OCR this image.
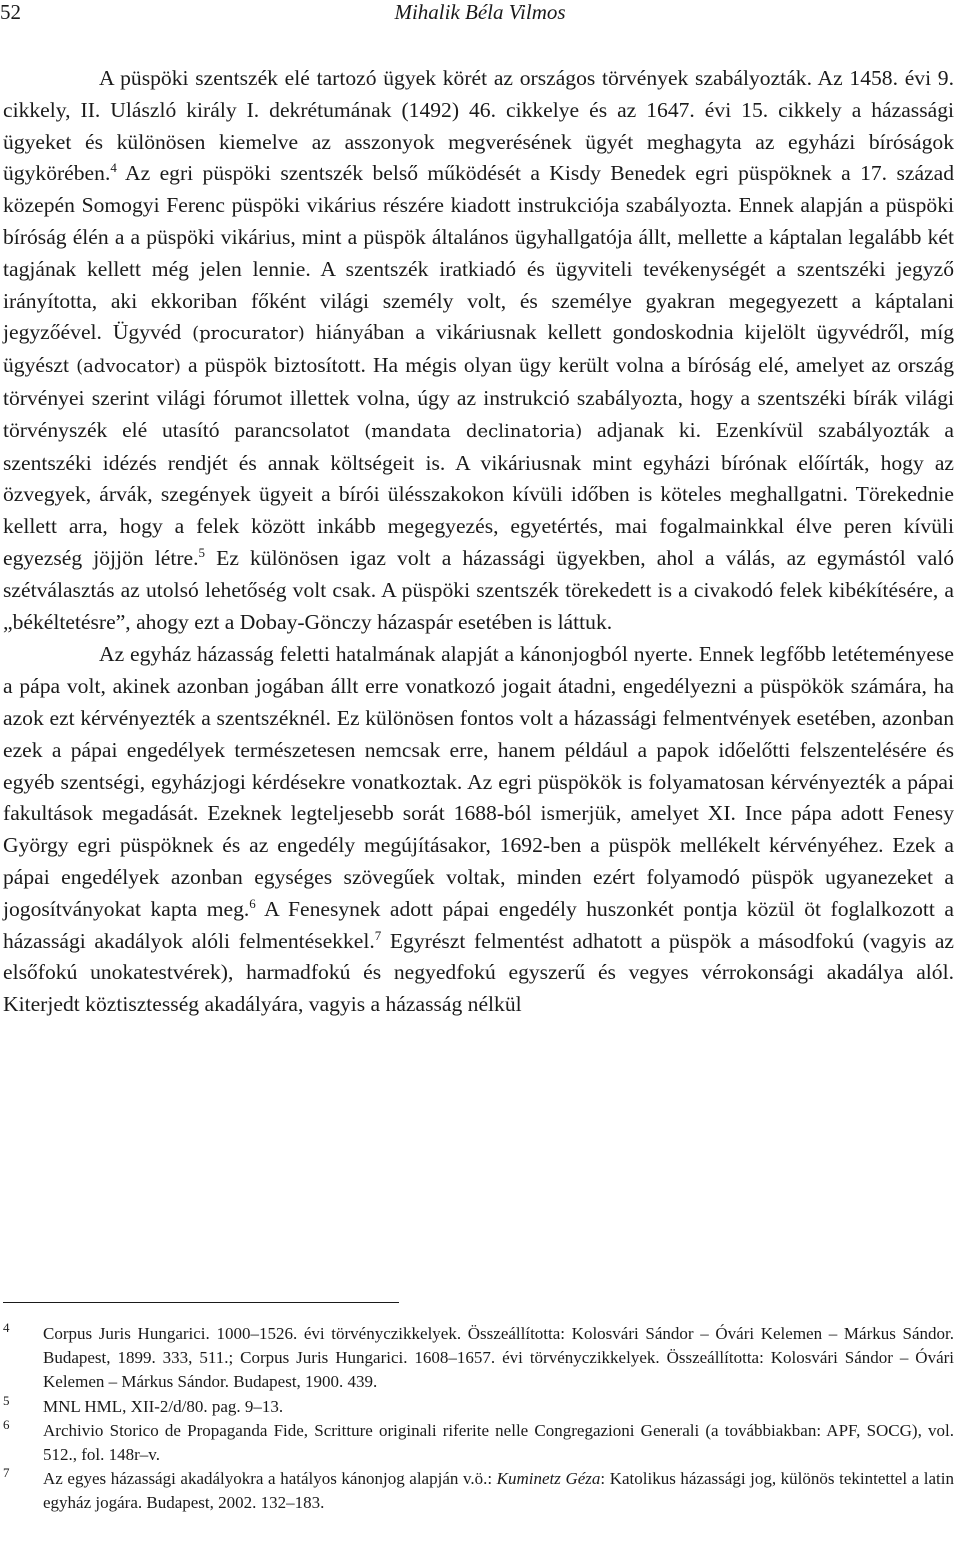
52	Mihalik Béla Vilmos

A püspöki szentszék elé tartozó ügyek körét az országos törvények szabályozták. Az 1458. évi 9. cikkely, II. Ulászló király I. dekrétumának (1492) 46. cikkelye és az 1647. évi 15. cikkely a házassági ügyeket és különösen kiemelve az asszonyok megverésének ügyét meghagyta az egyházi bíróságok ügykörében.$^4$ Az egri püspöki szentszék belső működését a Kisdy Benedek egri püspöknek a 17. század közepén Somogyi Ferenc püspöki vikárius részére kiadott instrukciója szabályozta. Ennek alapján a püspöki bíróság élén a a püspöki vikárius, mint a püspök általános ügyhallgatója állt, mellette a káptalan legalább két tagjának kellett még jelen lennie. A szentszék iratkiadó és ügyviteli tevékenységét a szentszéki jegyző irányította, aki ekkoriban főként világi személy volt, és személye gyakran megegyezett a káptalani jegyzőével. Ügyvéd (procurator) hiányában a vikáriusnak kellett gondoskodnia kijelölt ügyvédről, míg ügyészt (advocator) a püspök biztosított. Ha mégis olyan ügy került volna a bíróság elé, amelyet az ország törvényei szerint világi fórumot illettek volna, úgy az instrukció szabályozta, hogy a szentszéki bírák világi törvényszék elé utasító parancsolatot (mandata declinatoria) adjanak ki. Ezenkívül szabályozták a szentszéki idézés rendjét és annak költségeit is. A vikáriusnak mint egyházi bírónak előírták, hogy az özvegyek, árvák, szegények ügyeit a bírói ülésszakokon kívüli időben is köteles meghallgatni. Törekednie kellett arra, hogy a felek között inkább megegyezés, egyetértés, mai fogalmainkkal élve peren kívüli egyezség jöjjön létre.$^5$ Ez különösen igaz volt a házassági ügyekben, ahol a válás, az egymástól való szétválasztás az utolsó lehetőség volt csak. A püspöki szentszék törekedett is a civakodó felek kibékítésére, a „békéltetésre”, ahogy ezt a Dobay-Gönczy házaspár esetében is láttuk.

Az egyház házasság feletti hatalmának alapját a kánonjogból nyerte. Ennek legfőbb letéteményese a pápa volt, akinek azonban jogában állt erre vonatkozó jogait átadni, engedélyezni a püspökök számára, ha azok ezt kérvényezték a szentszéknél. Ez különösen fontos volt a házassági felmentvények esetében, azonban ezek a pápai engedélyek természetesen nemcsak erre, hanem például a papok időelőtti felszentelésére és egyéb szentségi, egyházjogi kérdésekre vonatkoztak. Az egri püspökök is folyamatosan kérvényezték a pápai fakultások megadását. Ezeknek legteljesebb sorát 1688-ból ismerjük, amelyet XI. Ince pápa adott Fenesy György egri püspöknek és az engedély megújításakor, 1692-ben a püspök mellékelt kérvényéhez. Ezek a pápai engedélyek azonban egységes szövegűek voltak, minden ezért folyamodó püspök ugyanezeket a jogosítványokat kapta meg.$^6$ A Fenesynek adott pápai engedély huszonkét pontja közül öt foglalkozott a házassági akadályok alóli felmentésekkel.$^7$ Egyrészt felmentést adhatott a püspök a másodfokú (vagyis az elsőfokú unokatestvérek), harmadfokú és negyedfokú egyszerű és vegyes vérrokonsági akadálya alól. Kiterjedt köztisztesség akadályára, vagyis a házasság nélkül

4 Corpus Juris Hungarici. 1000–1526. évi törvényczikkelyek. Összeállította: Kolosvári Sándor – Óvári Kelemen – Márkus Sándor. Budapest, 1899. 333, 511.; Corpus Juris Hungarici. 1608–1657. évi törvényczikkelyek. Összeállította: Kolosvári Sándor – Óvári Kelemen – Márkus Sándor. Budapest, 1900. 439.
5 MNL HML, XII-2/d/80. pag. 9–13.
6 Archivio Storico de Propaganda Fide, Scritture originali riferite nelle Congregazioni Generali (a továbbiakban: APF, SOCG), vol. 512., fol. 148r–v.
7 Az egyes házassági akadályokra a hatályos kánonjog alapján v.ö.: Kuminetz Géza: Katolikus házassági jog, különös tekintettel a latin egyház jogára. Budapest, 2002. 132–183.
